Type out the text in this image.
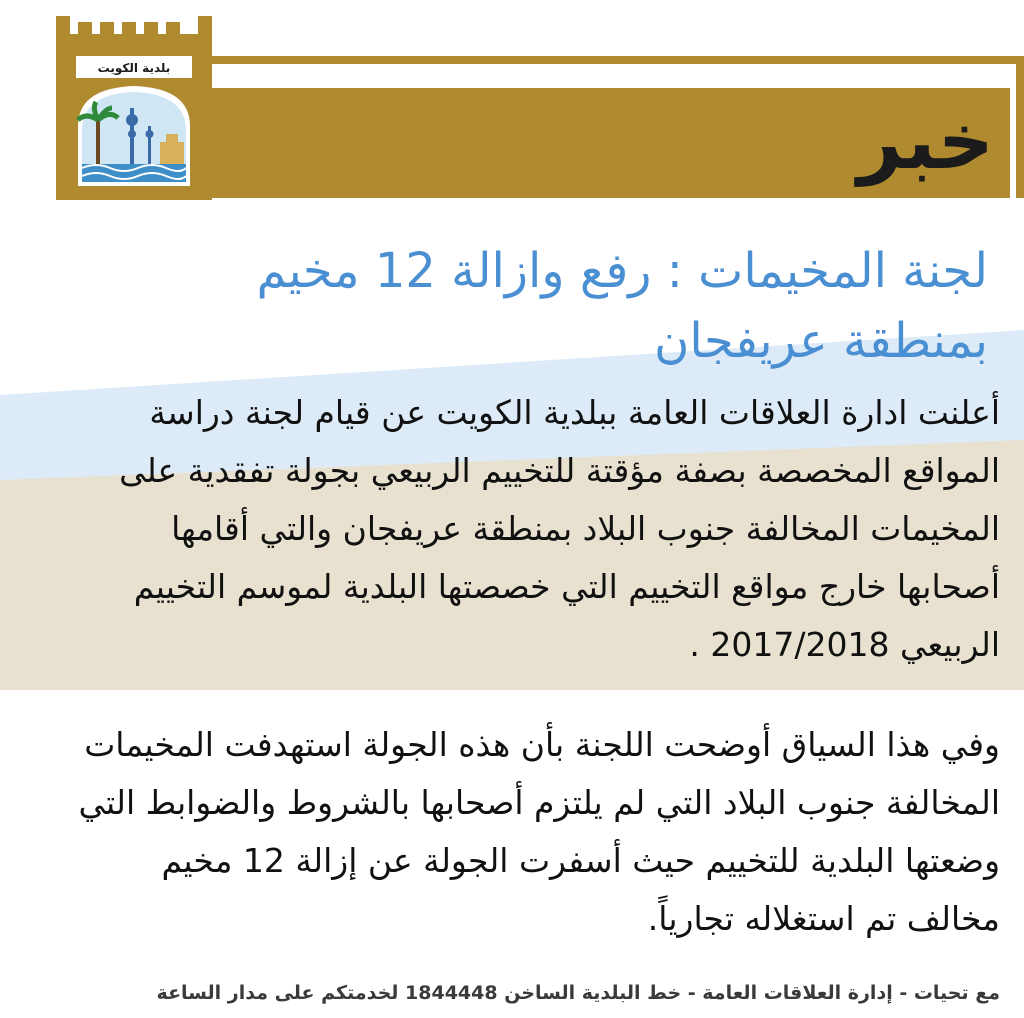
خبر
بلدية الكويت
لجنة المخيمات : رفع وازالة 12 مخيم بمنطقة عريفجان

أعلنت ادارة العلاقات العامة ببلدية الكويت عن قيام لجنة دراسة المواقع المخصصة بصفة مؤقتة للتخييم الربيعي بجولة تفقدية على المخيمات المخالفة جنوب البلاد بمنطقة عريفجان والتي أقامها أصحابها خارج مواقع التخييم التي خصصتها البلدية لموسم التخييم الربيعي 2017/2018 .

وفي هذا السياق أوضحت اللجنة بأن هذه الجولة استهدفت المخيمات المخالفة جنوب البلاد التي لم يلتزم أصحابها بالشروط والضوابط التي وضعتها البلدية للتخييم حيث أسفرت الجولة عن إزالة 12 مخيم مخالف تم استغلاله تجارياً.

مع تحيات - إدارة العلاقات العامة - خط البلدية الساخن 1844448 لخدمتكم على مدار الساعة
